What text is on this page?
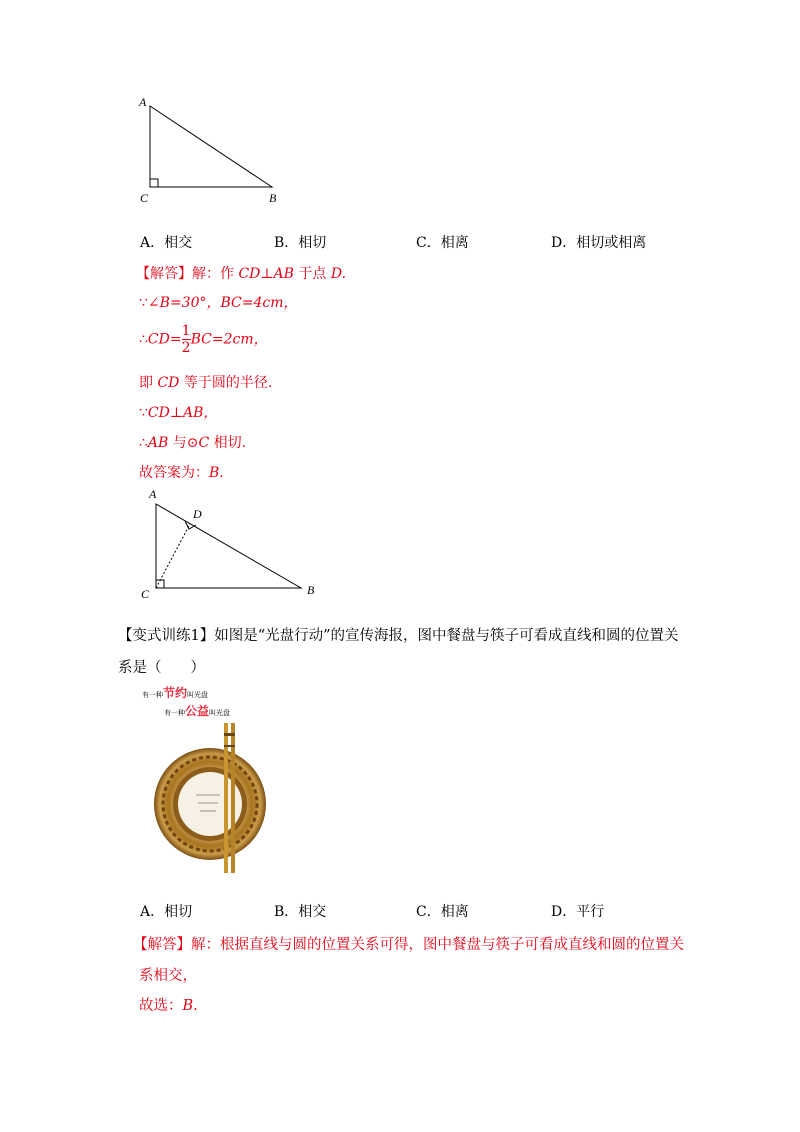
A
C	B
A．相交	B．相切	C．相离	D．相切或相离
【解答】解：作 CD⊥AB 于点 D.
∵∠B=30°，BC=4cm，
∴CD= $\frac{1}{2} BC=2cm$，
即 CD 等于圆的半径.
∵CD⊥AB，
∴AB 与⊙C 相切.
故答案为：B.
A
D
C	B
【变式训练1】如图是“光盘行动”的宣传海报，图中餐盘与筷子可看成直线和圆的位置关
系是（　　）
有一种节约叫光盘
有一种公益叫光盘
A．相切	B．相交	C．相离	D．平行
【解答】解：根据直线与圆的位置关系可得，图中餐盘与筷子可看成直线和圆的位置关
系相交，
故选：B.
